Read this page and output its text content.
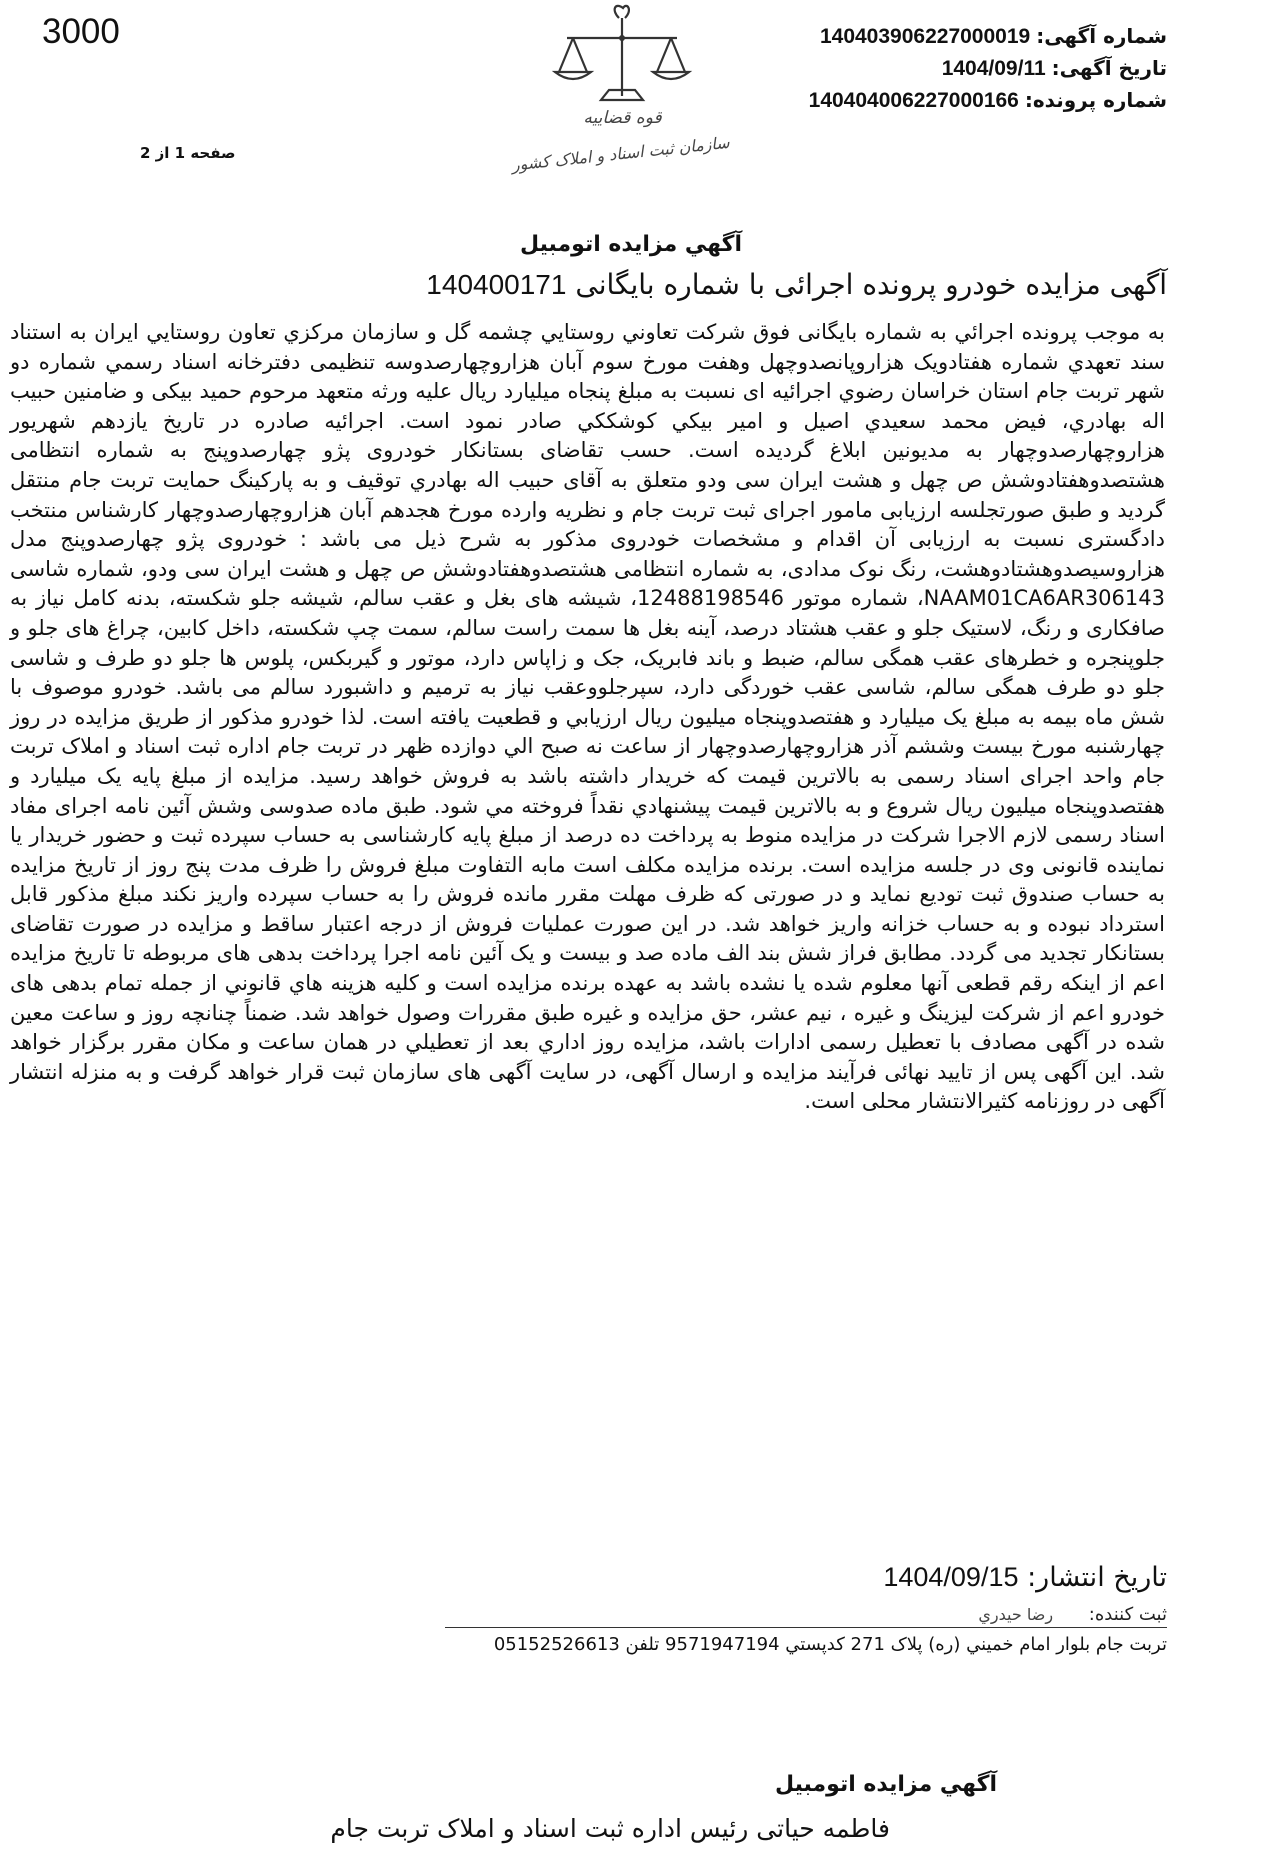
3000
صفحه 1 از 2
قوه قضاییه
سازمان ثبت اسناد و املاک کشور
شماره آگهی:
140403906227000019
تاریخ آگهی:
1404/09/11
شماره پرونده:
140404006227000166
آگهي مزايده اتومبيل
آگهی مزایده خودرو پرونده اجرائی با شماره بایگانی 140400171
به موجب پرونده اجرائي به شماره بايگانی فوق شركت تعاوني روستايي چشمه گل و سازمان مركزي تعاون روستايي ايران به استناد سند تعهدي شماره هفتادويک هزاروپانصدوچهل وهفت مورخ سوم آبان هزاروچهارصدوسه تنظيمی دفترخانه اسناد رسمي شماره دو شهر تربت جام استان خراسان رضوي اجرائيه ای نسبت به مبلغ پنجاه ميليارد ريال عليه ورثه متعهد مرحوم حميد بيكی و ضامنين حبيب اله بهادري، فيض محمد سعيدي اصيل و امير بيكي كوشككي صادر نمود است. اجرائيه صادره در تاريخ يازدهم شهريور هزاروچهارصدوچهار به مديونين ابلاغ گرديده است. حسب تقاضای بستانكار خودروی پژو چهارصدوپنج به شماره انتظامی هشتصدوهفتادوشش ص چهل و هشت ايران سی ودو متعلق به آقای حبيب اله بهادري توقيف و به پاركينگ حمايت تربت جام منتقل گرديد و طبق صورتجلسه ارزيابی مامور اجرای ثبت تربت جام و نظريه وارده مورخ هجدهم آبان هزاروچهارصدوچهار كارشناس منتخب دادگستری نسبت به ارزيابی آن اقدام و مشخصات خودروی مذكور به شرح ذيل می باشد : خودروی پژو چهارصدوپنج مدل هزاروسيصدوهشتادوهشت، رنگ نوک مدادی، به شماره انتظامی هشتصدوهفتادوشش ص چهل و هشت ايران سی ودو، شماره شاسی NAAM01CA6AR306143، شماره موتور 12488198546، شيشه های بغل و عقب سالم، شيشه جلو شكسته، بدنه كامل نياز به صافكاری و رنگ، لاستيک جلو و عقب هشتاد درصد، آينه بغل ها سمت راست سالم، سمت چپ شكسته، داخل كابين، چراغ های جلو و جلوپنجره و خطرهای عقب همگی سالم، ضبط و باند فابريک، جک و زاپاس دارد، موتور و گيربكس، پلوس ها جلو دو طرف و شاسی جلو دو طرف همگی سالم، شاسی عقب خوردگی دارد، سپرجلووعقب نياز به ترميم و داشبورد سالم می باشد. خودرو موصوف با شش ماه بيمه به مبلغ يک ميليارد و هفتصدوپنجاه ميليون ريال ارزيابي و قطعيت يافته است. لذا خودرو مذكور از طريق مزايده در روز چهارشنبه مورخ بيست وششم آذر هزاروچهارصدوچهار از ساعت نه صبح الي دوازده ظهر در تربت جام اداره ثبت اسناد و املاک تربت جام واحد اجرای اسناد رسمی به بالاترين قيمت كه خريدار داشته باشد به فروش خواهد رسيد. مزايده از مبلغ پايه يک ميليارد و هفتصدوپنجاه ميليون ريال شروع و به بالاترين قيمت پيشنهادي نقداً فروخته مي شود. طبق ماده صدوسی وشش آئين نامه اجرای مفاد اسناد رسمی لازم الاجرا شركت در مزايده منوط به پرداخت ده درصد از مبلغ پايه كارشناسی به حساب سپرده ثبت و حضور خريدار يا نماينده قانونی وی در جلسه مزايده است. برنده مزايده مكلف است مابه التفاوت مبلغ فروش را ظرف مدت پنج روز از تاريخ مزايده به حساب صندوق ثبت توديع نمايد و در صورتی كه ظرف مهلت مقرر مانده فروش را به حساب سپرده واريز نكند مبلغ مذكور قابل استرداد نبوده و به حساب خزانه واريز خواهد شد. در اين صورت عمليات فروش از درجه اعتبار ساقط و مزايده در صورت تقاضای بستانكار تجديد می گردد. مطابق فراز شش بند الف ماده صد و بيست و يک آئين نامه اجرا پرداخت بدهی های مربوطه تا تاريخ مزايده اعم از اينكه رقم قطعی آنها معلوم شده يا نشده باشد به عهده برنده مزايده است و كليه هزينه هاي قانوني از جمله تمام بدهی های خودرو اعم از شركت ليزينگ و غيره ، نيم عشر، حق مزايده و غيره طبق مقررات وصول خواهد شد. ضمناً چنانچه روز و ساعت معين شده در آگهی مصادف با تعطيل رسمی ادارات باشد، مزايده روز اداري بعد از تعطيلي در همان ساعت و مكان مقرر برگزار خواهد شد. اين آگهی پس از تاييد نهائی فرآيند مزايده و ارسال آگهی، در سايت آگهی های سازمان ثبت قرار خواهد گرفت و به منزله انتشار آگهی در روزنامه كثيرالانتشار محلی است.
تاریخ انتشار: 1404/09/15
ثبت کننده: رضا حيدري
تربت جام بلوار امام خميني (ره) پلاک 271 كدپستي 9571947194 تلفن 05152526613
آگهي مزايده اتومبيل
فاطمه حياتی رئيس اداره ثبت اسناد و املاک تربت جام
